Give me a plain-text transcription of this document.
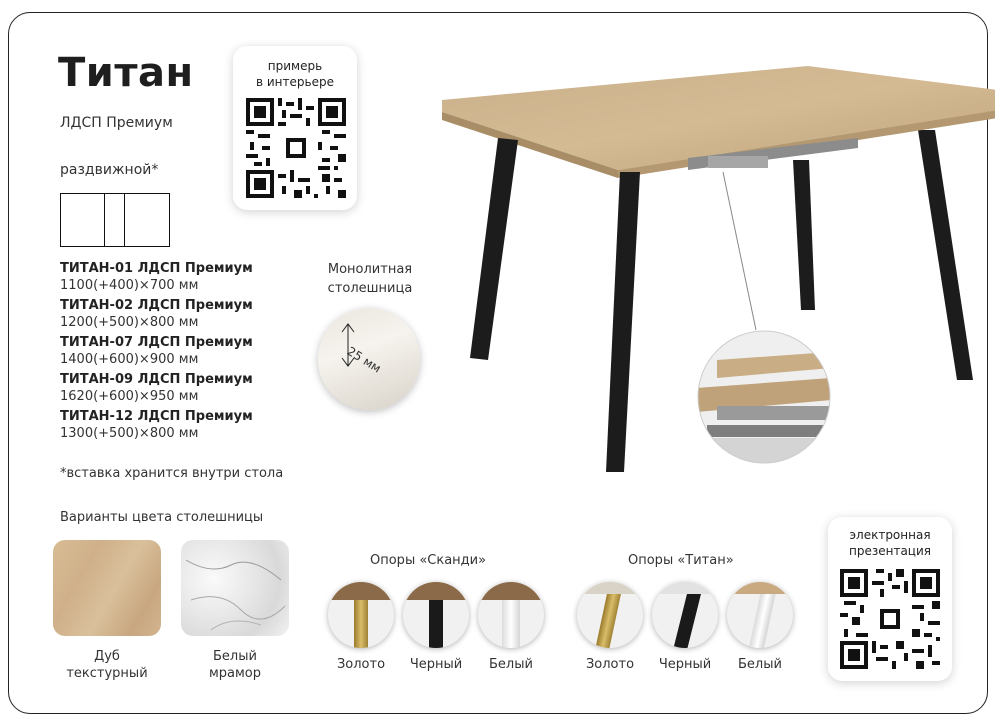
Титан
ЛДСП Премиум
раздвижной*
ТИТАН-01 ЛДСП Премиум
1100(+400)×700 мм
ТИТАН-02 ЛДСП Премиум
1200(+500)×800 мм
ТИТАН-07 ЛДСП Премиум
1400(+600)×900 мм
ТИТАН-09 ЛДСП Премиум
1620(+600)×950 мм
ТИТАН-12 ЛДСП Премиум
1300(+500)×800 мм
*вставка хранится внутри стола
примерь
в интерьере
Монолитная
столешница
25 мм
Варианты цвета столешницы
Дуб
текстурный
Белый
мрамор
Опоры «Сканди»
Золото	Черный	Белый
Опоры «Титан»
Золото	Черный	Белый
электронная
презентация
